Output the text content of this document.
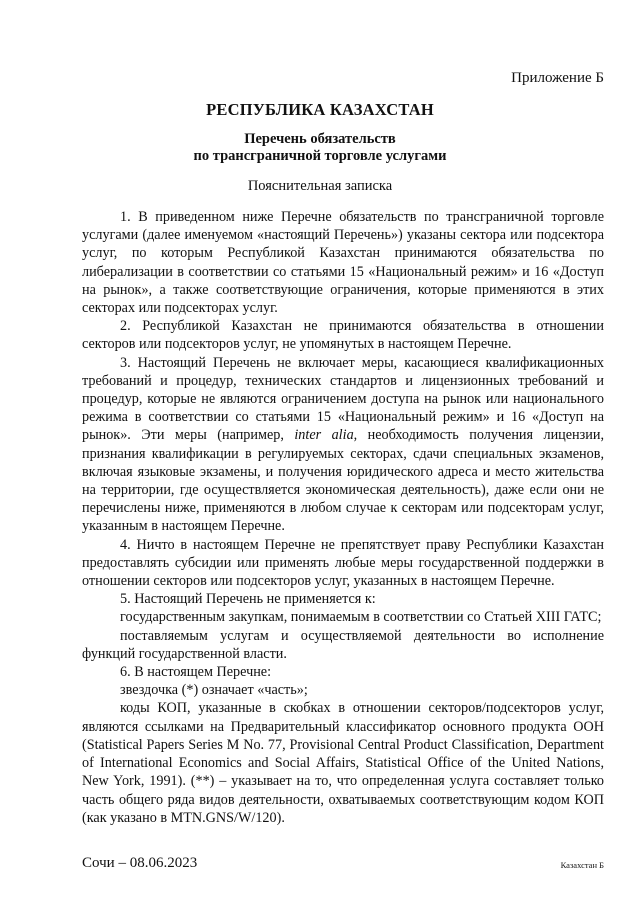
Приложение Б
РЕСПУБЛИКА КАЗАХСТАН
Перечень обязательств
по трансграничной торговле услугами
Пояснительная записка

1. В приведенном ниже Перечне обязательств по трансграничной торговле услугами (далее именуемом «настоящий Перечень») указаны сектора или подсектора услуг, по которым Республикой Казахстан принимаются обязательства по либерализации в соответствии со статьями 15 «Национальный режим» и 16 «Доступ на рынок», а также соответствующие ограничения, которые применяются в этих секторах или подсекторах услуг.

2. Республикой Казахстан не принимаются обязательства в отношении секторов или подсекторов услуг, не упомянутых в настоящем Перечне.

3. Настоящий Перечень не включает меры, касающиеся квалификационных требований и процедур, технических стандартов и лицензионных требований и процедур, которые не являются ограничением доступа на рынок или национального режима в соответствии со статьями 15 «Национальный режим» и 16 «Доступ на рынок». Эти меры (например, inter alia, необходимость получения лицензии, признания квалификации в регулируемых секторах, сдачи специальных экзаменов, включая языковые экзамены, и получения юридического адреса и место жительства на территории, где осуществляется экономическая деятельность), даже если они не перечислены ниже, применяются в любом случае к секторам или подсекторам услуг, указанным в настоящем Перечне.

4. Ничто в настоящем Перечне не препятствует праву Республики Казахстан предоставлять субсидии или применять любые меры государственной поддержки в отношении секторов или подсекторов услуг, указанных в настоящем Перечне.

5. Настоящий Перечень не применяется к:

государственным закупкам, понимаемым в соответствии со Статьей XIII ГАТС;

поставляемым услугам и осуществляемой деятельности во исполнение функций государственной власти.

6. В настоящем Перечне:

звездочка (*) означает «часть»;

коды КОП, указанные в скобках в отношении секторов/подсекторов услуг, являются ссылками на Предварительный классификатор основного продукта ООН (Statistical Papers Series M No. 77, Provisional Central Product Classification, Department of International Economics and Social Affairs, Statistical Office of the United Nations, New York, 1991). (**) – указывает на то, что определенная услуга составляет только часть общего ряда видов деятельности, охватываемых соответствующим кодом КОП (как указано в MTN.GNS/W/120).

Сочи – 08.06.2023	Казахстан Б
